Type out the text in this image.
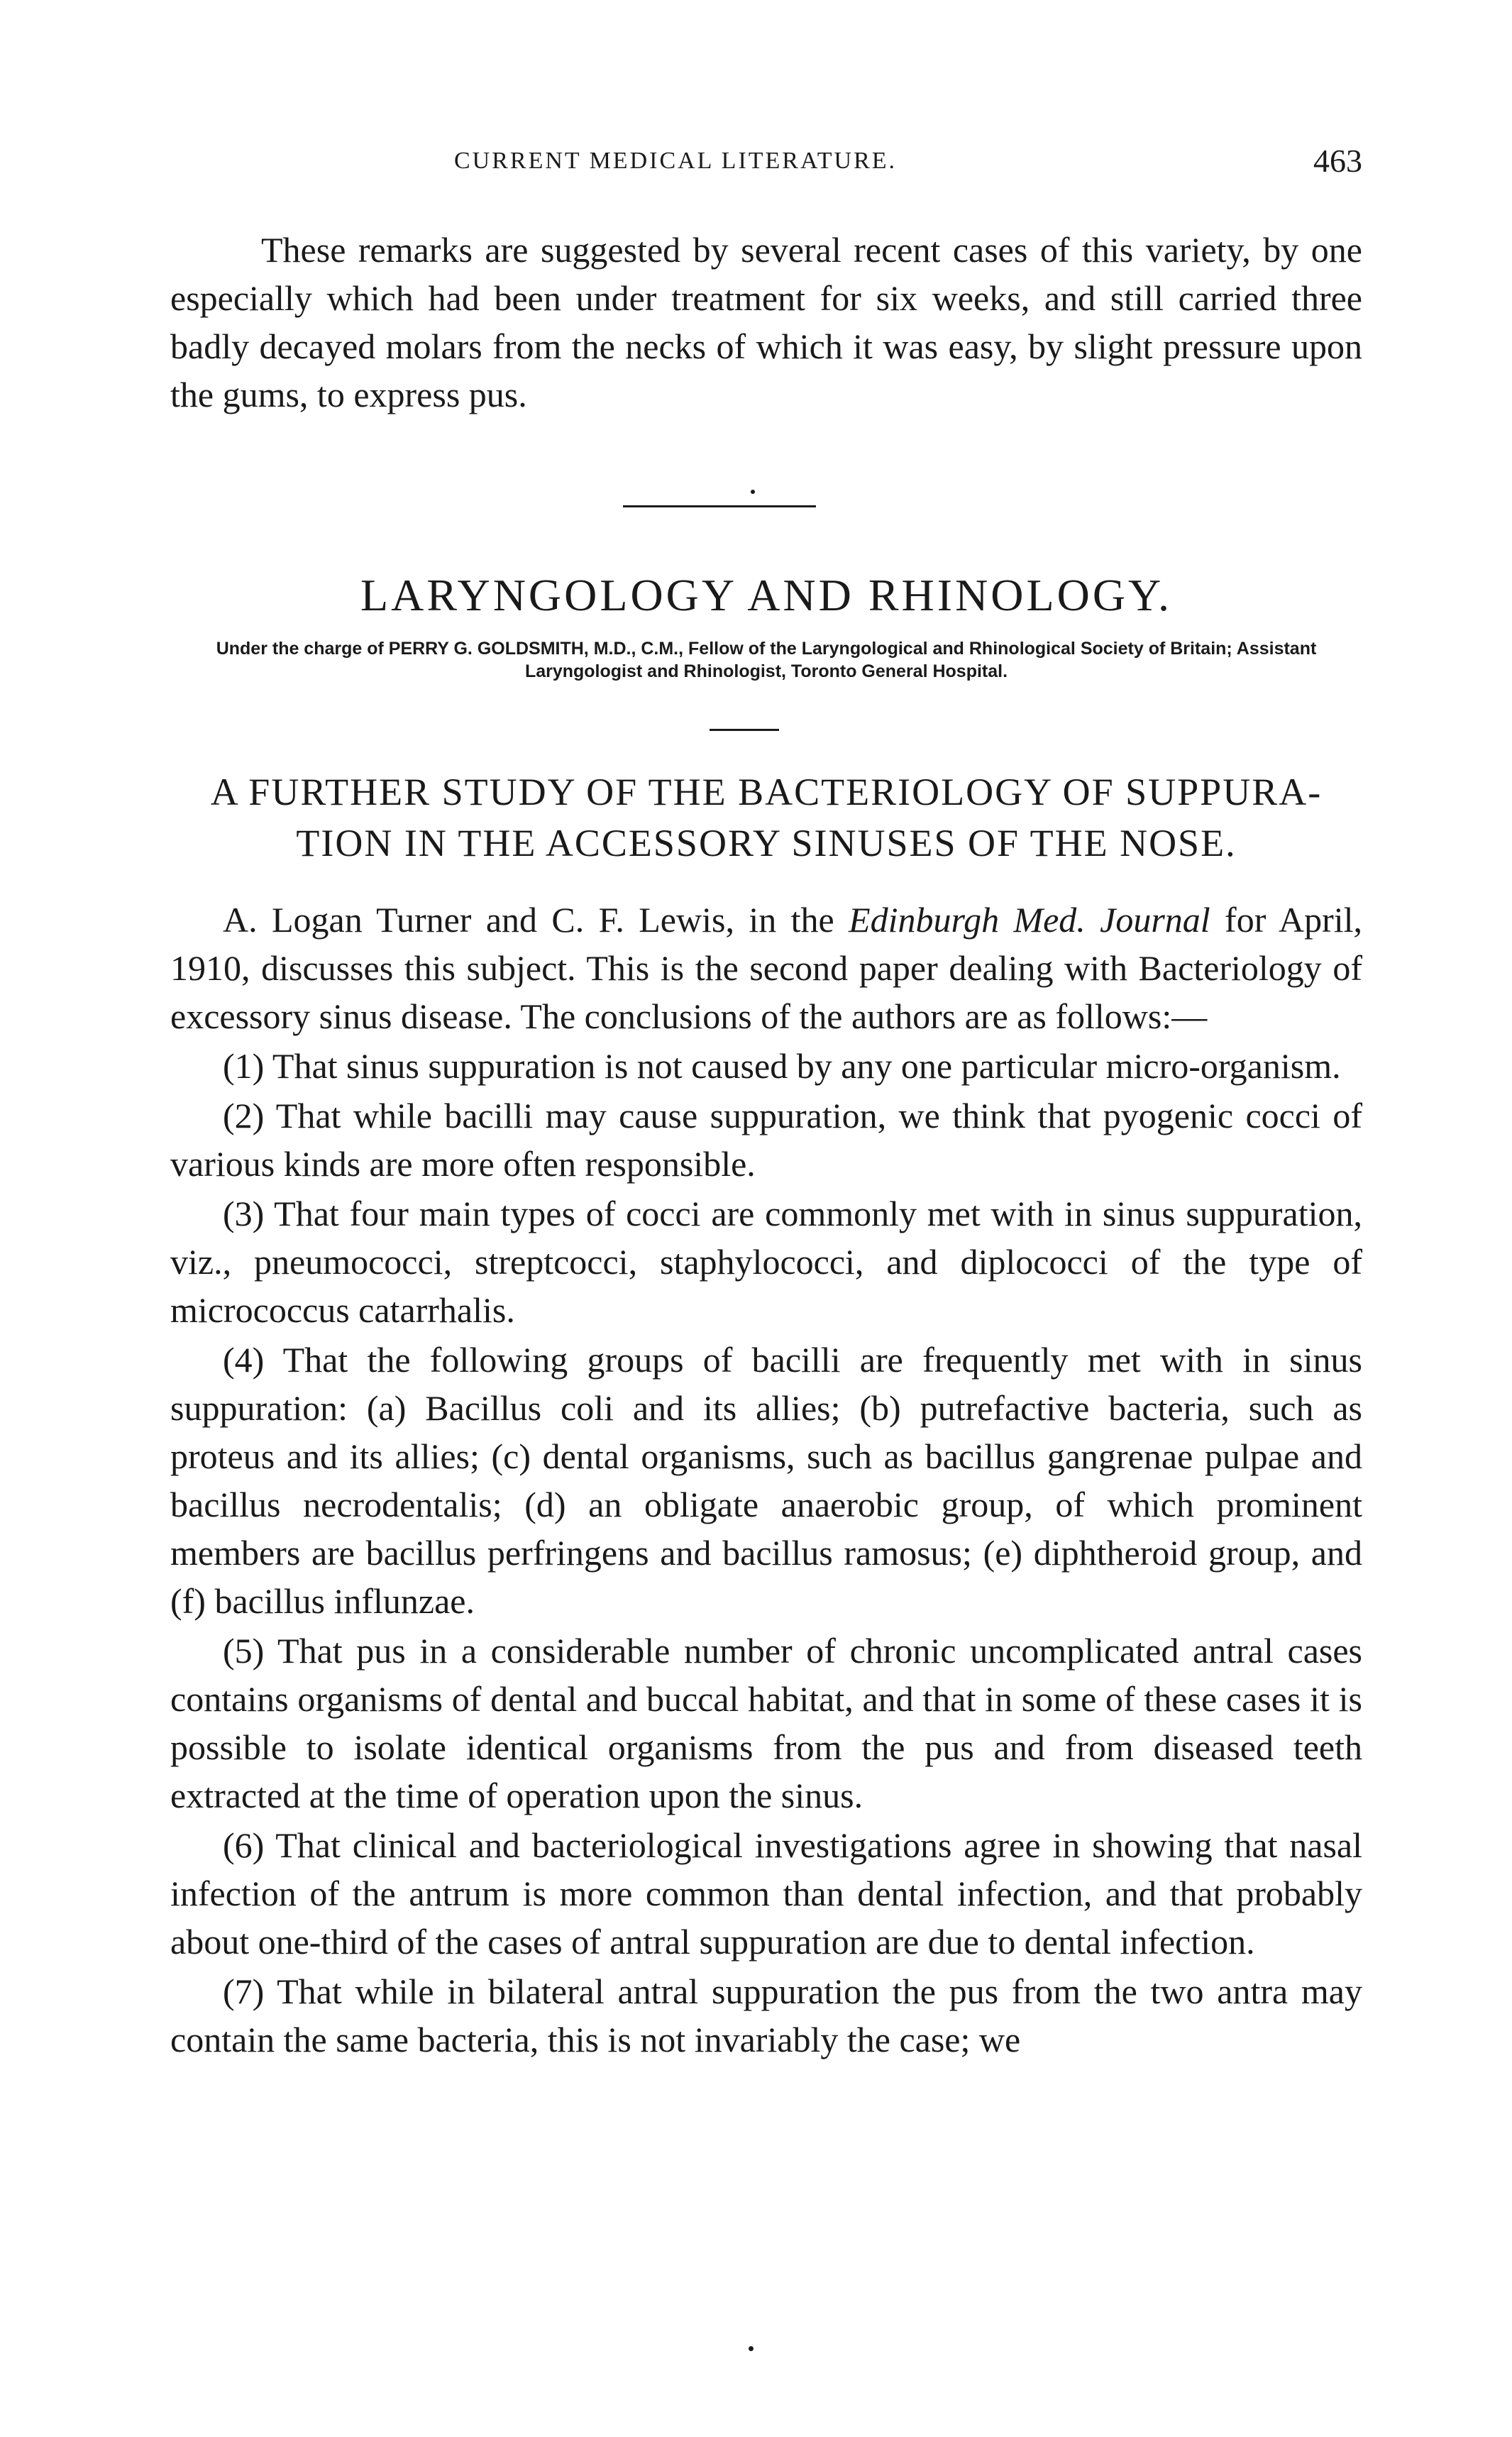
CURRENT MEDICAL LITERATURE.	463

These remarks are suggested by several recent cases of this variety, by one especially which had been under treatment for six weeks, and still carried three badly decayed molars from the necks of which it was easy, by slight pressure upon the gums, to express pus.

LARYNGOLOGY AND RHINOLOGY.

Under the charge of PERRY G. GOLDSMITH, M.D., C.M., Fellow of the Laryngological and Rhinological Society of Britain; Assistant Laryngologist and Rhinologist, Toronto General Hospital.

A FURTHER STUDY OF THE BACTERIOLOGY OF SUPPURA-
TION IN THE ACCESSORY SINUSES OF THE NOSE.

A. Logan Turner and C. F. Lewis, in the Edinburgh Med. Journal for April, 1910, discusses this subject. This is the second paper dealing with Bacteriology of excessory sinus disease. The conclusions of the authors are as follows:—

(1) That sinus suppuration is not caused by any one particular micro-organism.

(2) That while bacilli may cause suppuration, we think that pyogenic cocci of various kinds are more often responsible.

(3) That four main types of cocci are commonly met with in sinus suppuration, viz., pneumococci, streptcocci, staphylococci, and diplococci of the type of micrococcus catarrhalis.

(4) That the following groups of bacilli are frequently met with in sinus suppuration: (a) Bacillus coli and its allies; (b) putrefactive bacteria, such as proteus and its allies; (c) dental organisms, such as bacillus gangrenae pulpae and bacillus necrodentalis; (d) an obligate anaerobic group, of which prominent members are bacillus perfringens and bacillus ramosus; (e) diphtheroid group, and (f) bacillus influnzae.

(5) That pus in a considerable number of chronic uncomplicated antral cases contains organisms of dental and buccal habitat, and that in some of these cases it is possible to isolate identical organisms from the pus and from diseased teeth extracted at the time of operation upon the sinus.

(6) That clinical and bacteriological investigations agree in showing that nasal infection of the antrum is more common than dental infection, and that probably about one-third of the cases of antral suppuration are due to dental infection.

(7) That while in bilateral antral suppuration the pus from the two antra may contain the same bacteria, this is not invariably the case; we
